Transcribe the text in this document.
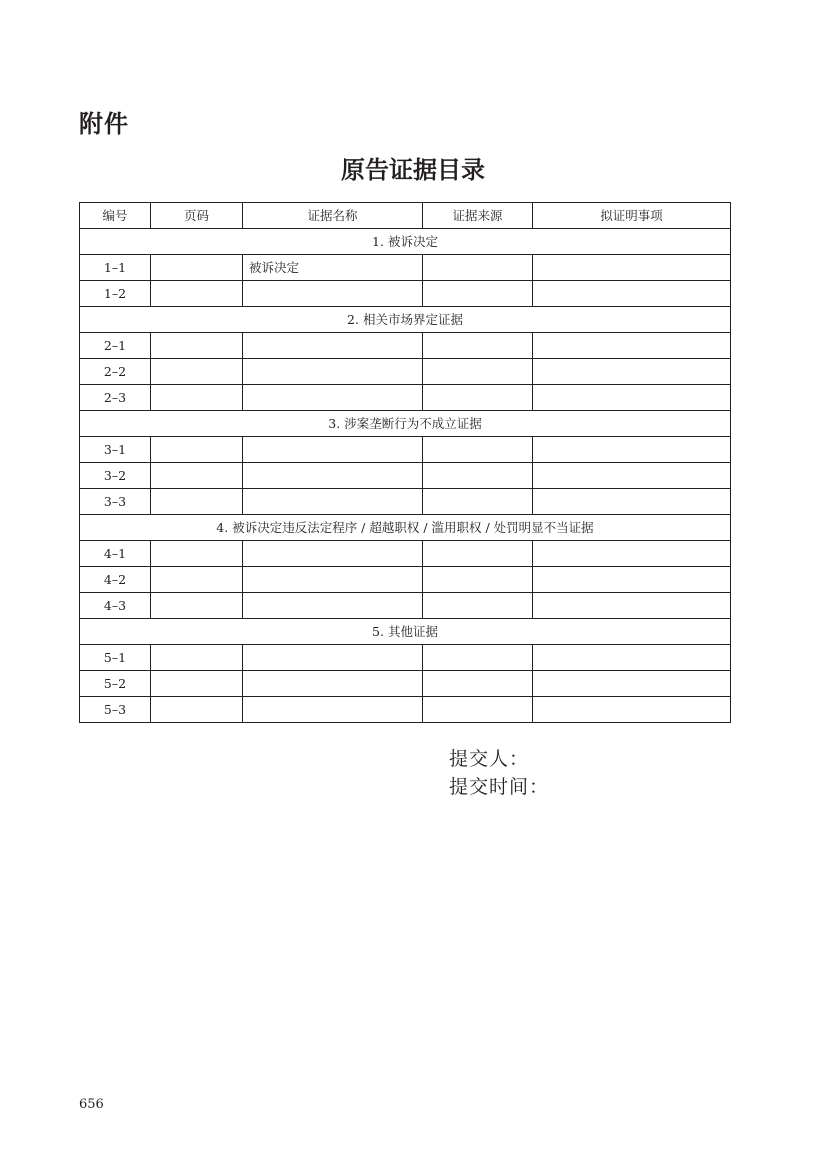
附件
原告证据目录
编号	页码	证据名称	证据来源	拟证明事项
1. 被诉决定				
1–1		被诉决定		
1–2				
2. 相关市场界定证据				
2–1				
2–2				
2–3				
3. 涉案垄断行为不成立证据				
3–1				
3–2				
3–3				
4. 被诉决定违反法定程序 / 超越职权 / 滥用职权 / 处罚明显不当证据				
4–1				
4–2				
4–3				
5. 其他证据				
5–1				
5–2				
5–3				
提交人：
提交时间：
656
